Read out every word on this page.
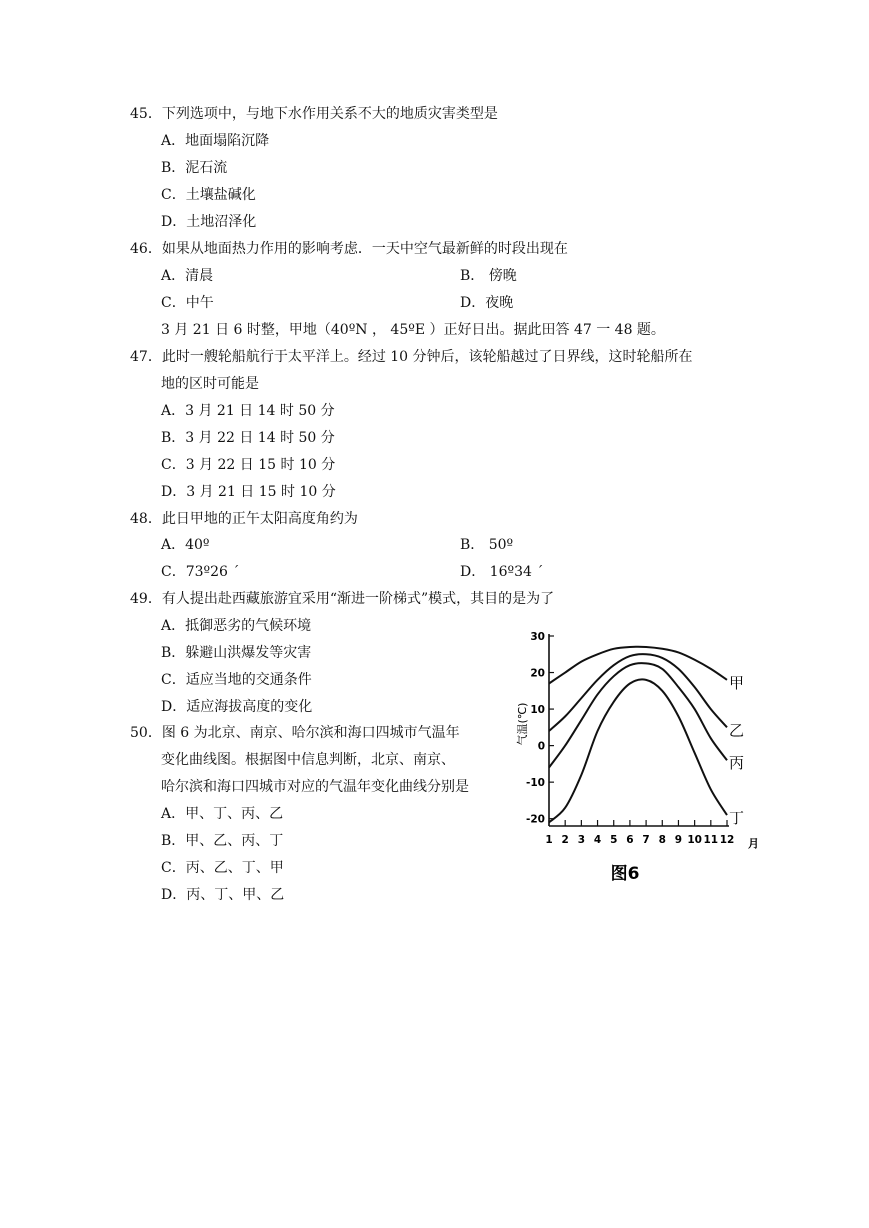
45．下列选项中，与地下水作用关系不大的地质灾害类型是
A．地面塌陷沉降
B．泥石流
C．土壤盐碱化
D．土地沼泽化
46．如果从地面热力作用的影响考虑．一天中空气最新鲜的时段出现在
A．清晨	B． 傍晚
C．中午	D．夜晚
3 月 21 日 6 时整，甲地（40ºN ， 45ºE ）正好日出。据此田答 47 一 48 题。
47．此时一艘轮船航行于太平洋上。经过 10 分钟后，该轮船越过了日界线，这时轮船所在
地的区时可能是
A．3 月 21 日 14 时 50 分
B．3 月 22 日 14 时 50 分
C．3 月 22 日 15 时 10 分
D．3 月 21 日 15 时 10 分
48．此日甲地的正午太阳高度角约为
A．40º	B． 50º
C．73º26 ´	D． 16º34 ´
49．有人提出赴西藏旅游宜采用“渐进一阶梯式”模式，其目的是为了
A．抵御恶劣的气候环境
B．躲避山洪爆发等灾害
C．适应当地的交通条件
D．适应海拔高度的变化
50．图 6 为北京、南京、哈尔滨和海口四城市气温年
变化曲线图。根据图中信息判断，北京、南京、
哈尔滨和海口四城市对应的气温年变化曲线分别是
A．甲、丁、丙、乙
B．甲、乙、丙、丁
C．丙、乙、丁、甲
D．丙、丁、甲、乙
-20
-10
0
10
20
30
1 2 3 4 5 6 7 8 9 10 11 12
甲
乙
丙
丁
气温(℃)
月
图6
